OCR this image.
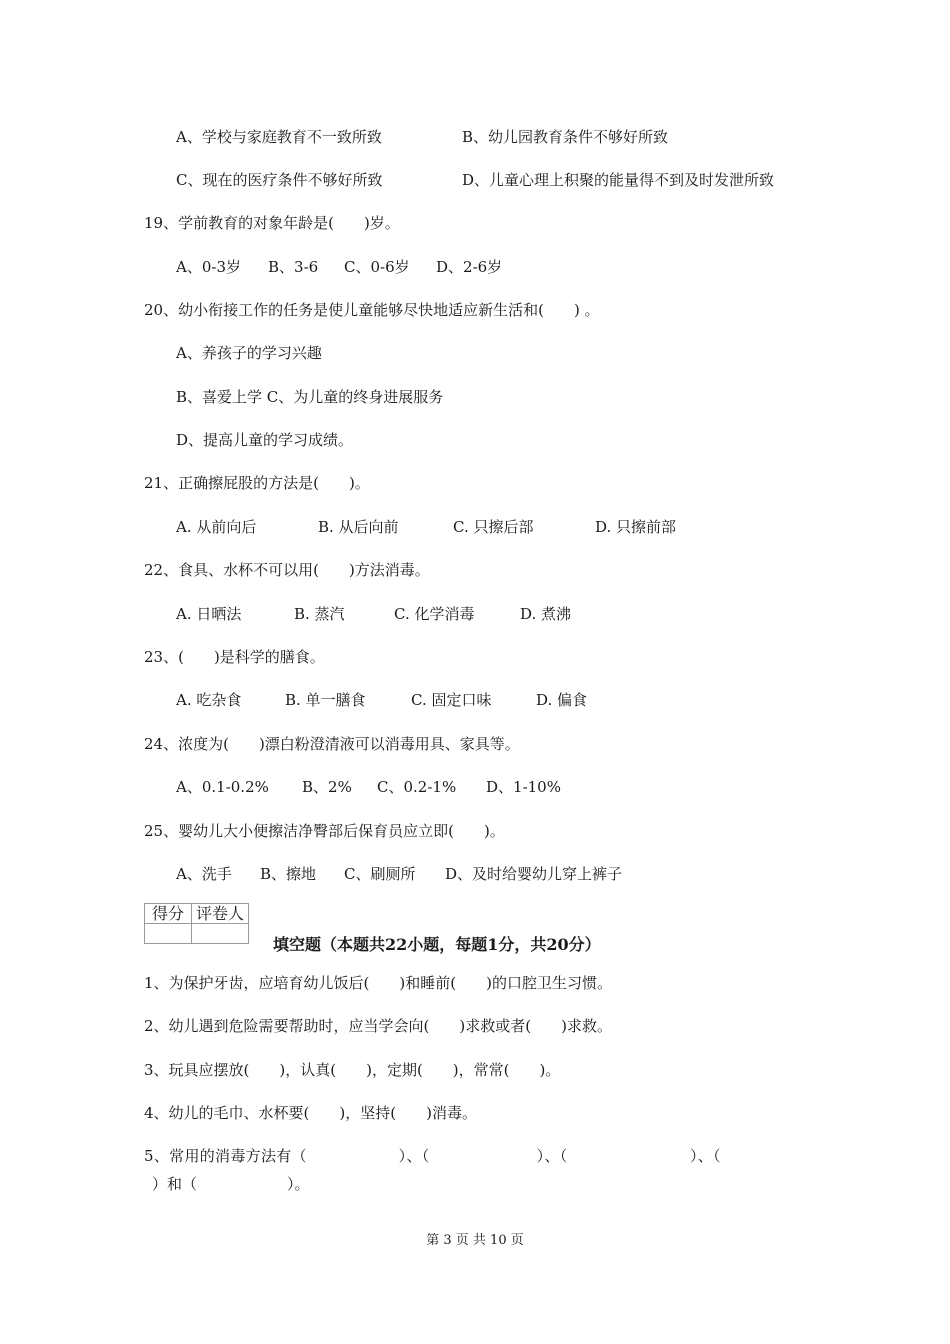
A、学校与家庭教育不一致所致	B、幼儿园教育条件不够好所致
C、现在的医疗条件不够好所致	D、儿童心理上积聚的能量得不到及时发泄所致
19、学前教育的对象年龄是(　　)岁。
A、0-3岁 B、3-6 C、0-6岁 D、2-6岁
20、幼小衔接工作的任务是使儿童能够尽快地适应新生活和(　　) 。
A、养孩子的学习兴趣
B、喜爱上学 C、为儿童的终身进展服务
D、提高儿童的学习成绩。
21、正确擦屁股的方法是(　　)。
A. 从前向后	B. 从后向前	C. 只擦后部	D. 只擦前部
22、食具、水杯不可以用(　　)方法消毒。
A. 日晒法	B. 蒸汽	C. 化学消毒	D. 煮沸
23、(　　)是科学的膳食。
A. 吃杂食	B. 单一膳食	C. 固定口味	D. 偏食
24、浓度为(　　)漂白粉澄清液可以消毒用具、家具等。
A、0.1-0.2% B、2% C、0.2-1% D、1-10%
25、婴幼儿大小便擦洁净臀部后保育员应立即(　　)。
A、洗手 B、擦地 C、刷厕所 D、及时给婴幼儿穿上裤子
得分	评卷人

填空题（本题共22小题，每题1分，共20分）
1、为保护牙齿，应培育幼儿饭后(　　)和睡前(　　)的口腔卫生习惯。
2、幼儿遇到危险需要帮助时，应当学会向(　　)求救或者(　　)求救。
3、玩具应摆放(　　)，认真(　　)，定期(　　)，常常(　　)。
4、幼儿的毛巾、水杯要(　　)，坚持(　　)消毒。
5、常用的消毒方法有（　　　　　　）、（　　　　　　　）、（　　　　　　　　）、（
）和（　　　　　　）。
第 3 页 共 10 页
